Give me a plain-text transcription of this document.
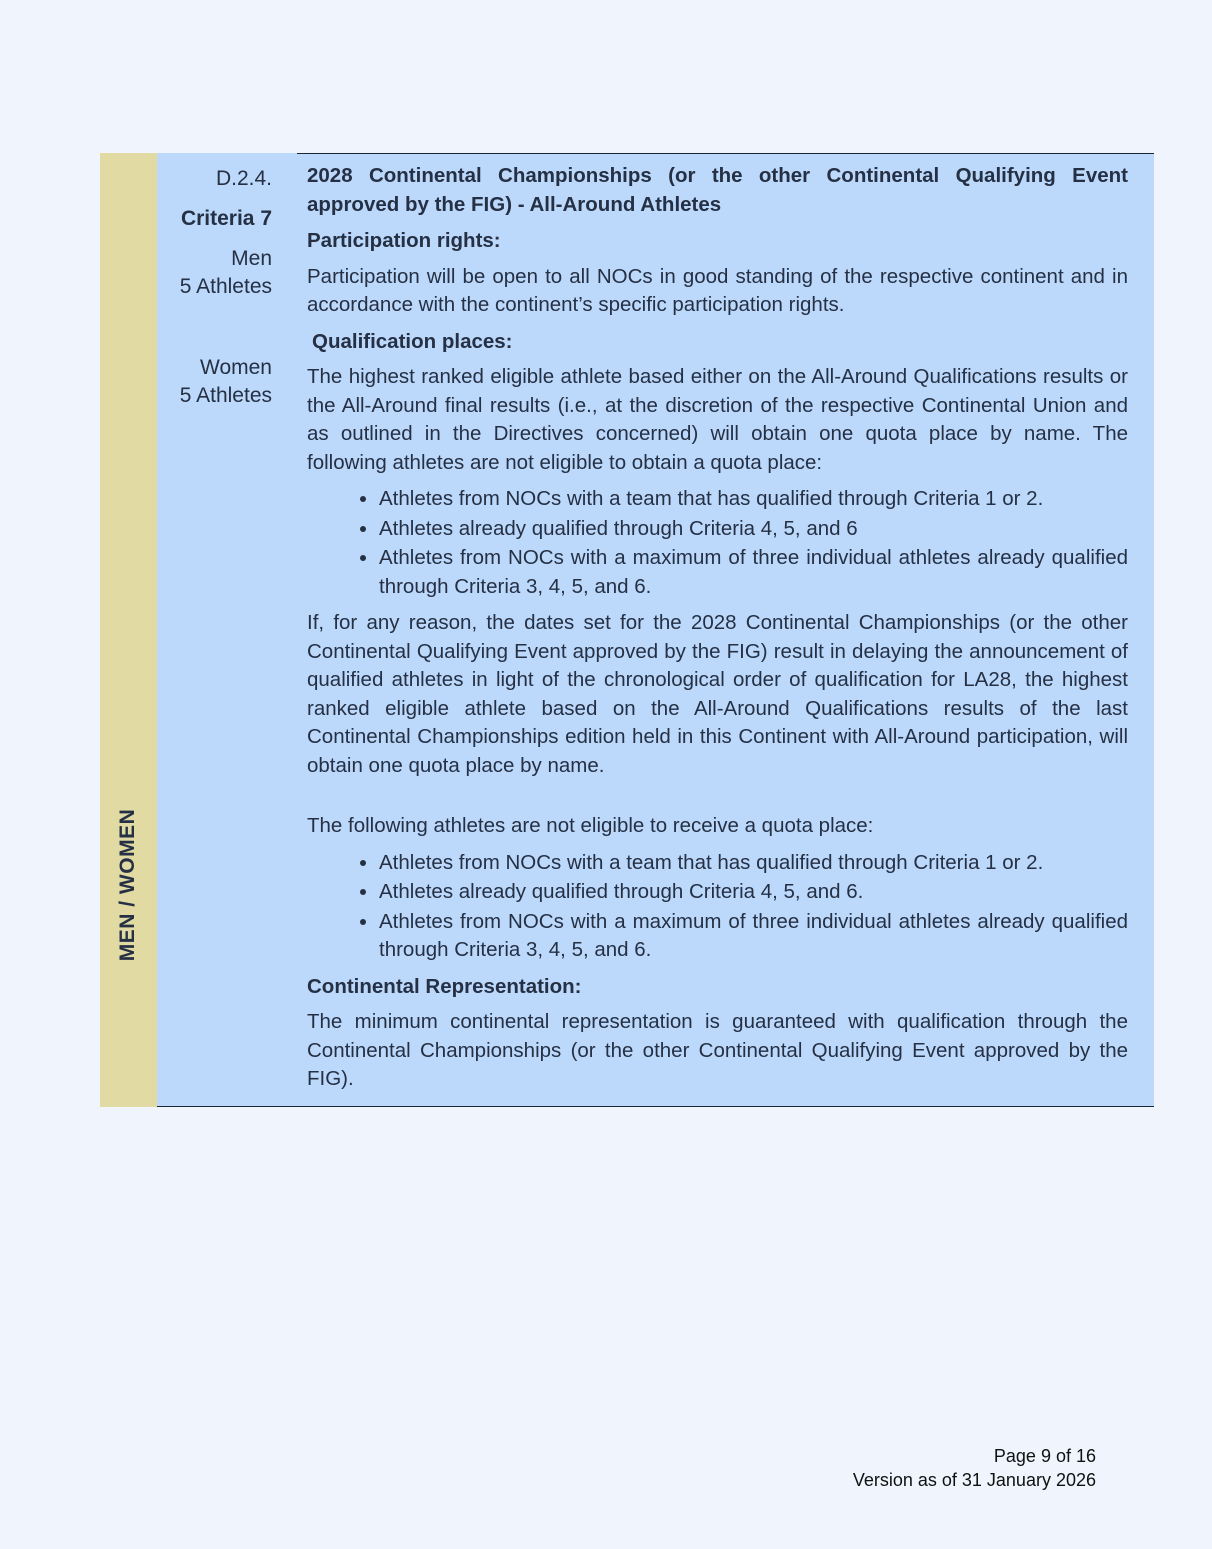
MEN / WOMEN
D.2.4.
Criteria 7
Men
5 Athletes
Women
5 Athletes

2028 Continental Championships (or the other Continental Qualifying Event approved by the FIG) - All-Around Athletes

Participation rights:

Participation will be open to all NOCs in good standing of the respective continent and in accordance with the continent’s specific participation rights.

Qualification places:

The highest ranked eligible athlete based either on the All-Around Qualifications results or the All-Around final results (i.e., at the discretion of the respective Continental Union and as outlined in the Directives concerned) will obtain one quota place by name. The following athletes are not eligible to obtain a quota place:

• Athletes from NOCs with a team that has qualified through Criteria 1 or 2.
• Athletes already qualified through Criteria 4, 5, and 6
• Athletes from NOCs with a maximum of three individual athletes already qualified through Criteria 3, 4, 5, and 6.

If, for any reason, the dates set for the 2028 Continental Championships (or the other Continental Qualifying Event approved by the FIG) result in delaying the announcement of qualified athletes in light of the chronological order of qualification for LA28, the highest ranked eligible athlete based on the All-Around Qualifications results of the last Continental Championships edition held in this Continent with All-Around participation, will obtain one quota place by name.

The following athletes are not eligible to receive a quota place:

• Athletes from NOCs with a team that has qualified through Criteria 1 or 2.
• Athletes already qualified through Criteria 4, 5, and 6.
• Athletes from NOCs with a maximum of three individual athletes already qualified through Criteria 3, 4, 5, and 6.

Continental Representation:

The minimum continental representation is guaranteed with qualification through the Continental Championships (or the other Continental Qualifying Event approved by the FIG).

Page 9 of 16
Version as of 31 January 2026
